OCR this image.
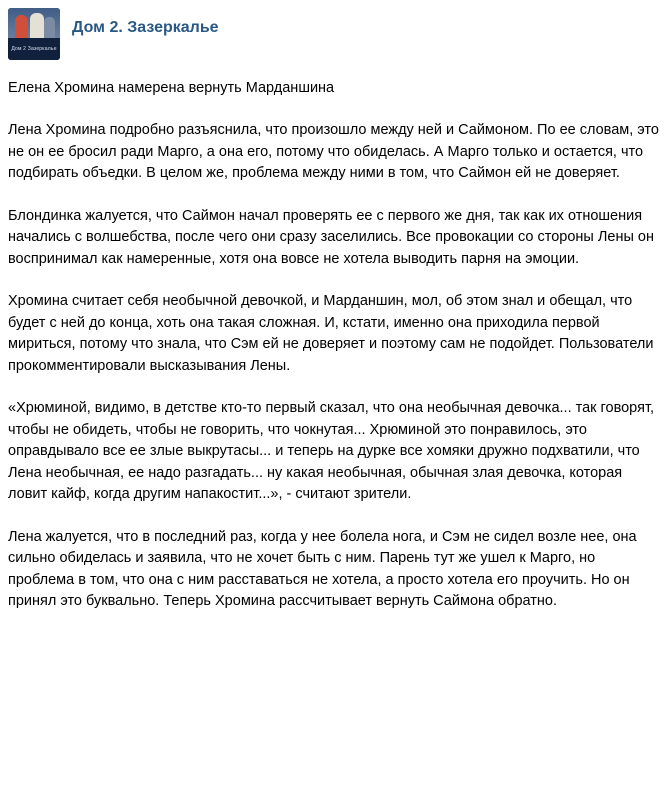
Дом 2 Зазеркалье
Дом 2. Зазеркалье
Елена Хромина намерена вернуть Марданшина

Лена Хромина подробно разъяснила, что произошло между ней и Саймоном. По ее словам, это не он ее бросил ради Марго, а она его, потому что обиделась. А Марго только и остается, что подбирать объедки. В целом же, проблема между ними в том, что Саймон ей не доверяет.

Блондинка жалуется, что Саймон начал проверять ее с первого же дня, так как их отношения начались с волшебства, после чего они сразу заселились. Все провокации со стороны Лены он воспринимал как намеренные, хотя она вовсе не хотела выводить парня на эмоции.

Хромина считает себя необычной девочкой, и Марданшин, мол, об этом знал и обещал, что будет с ней до конца, хоть она такая сложная. И, кстати, именно она приходила первой мириться, потому что знала, что Сэм ей не доверяет и поэтому сам не подойдет. Пользователи прокомментировали высказывания Лены.

«Хрюминой, видимо, в детстве кто-то первый сказал, что она необычная девочка... так говорят, чтобы не обидеть, чтобы не говорить, что чокнутая... Хрюминой это понравилось, это оправдывало все ее злые выкрутасы... и теперь на дурке все хомяки дружно подхватили, что Лена необычная, ее надо разгадать... ну какая необычная, обычная злая девочка, которая ловит кайф, когда другим напакостит...», - считают зрители.

Лена жалуется, что в последний раз, когда у нее болела нога, и Сэм не сидел возле нее, она сильно обиделась и заявила, что не хочет быть с ним. Парень тут же ушел к Марго, но проблема в том, что она с ним расставаться не хотела, а просто хотела его проучить. Но он принял это буквально. Теперь Хромина рассчитывает вернуть Саймона обратно.
